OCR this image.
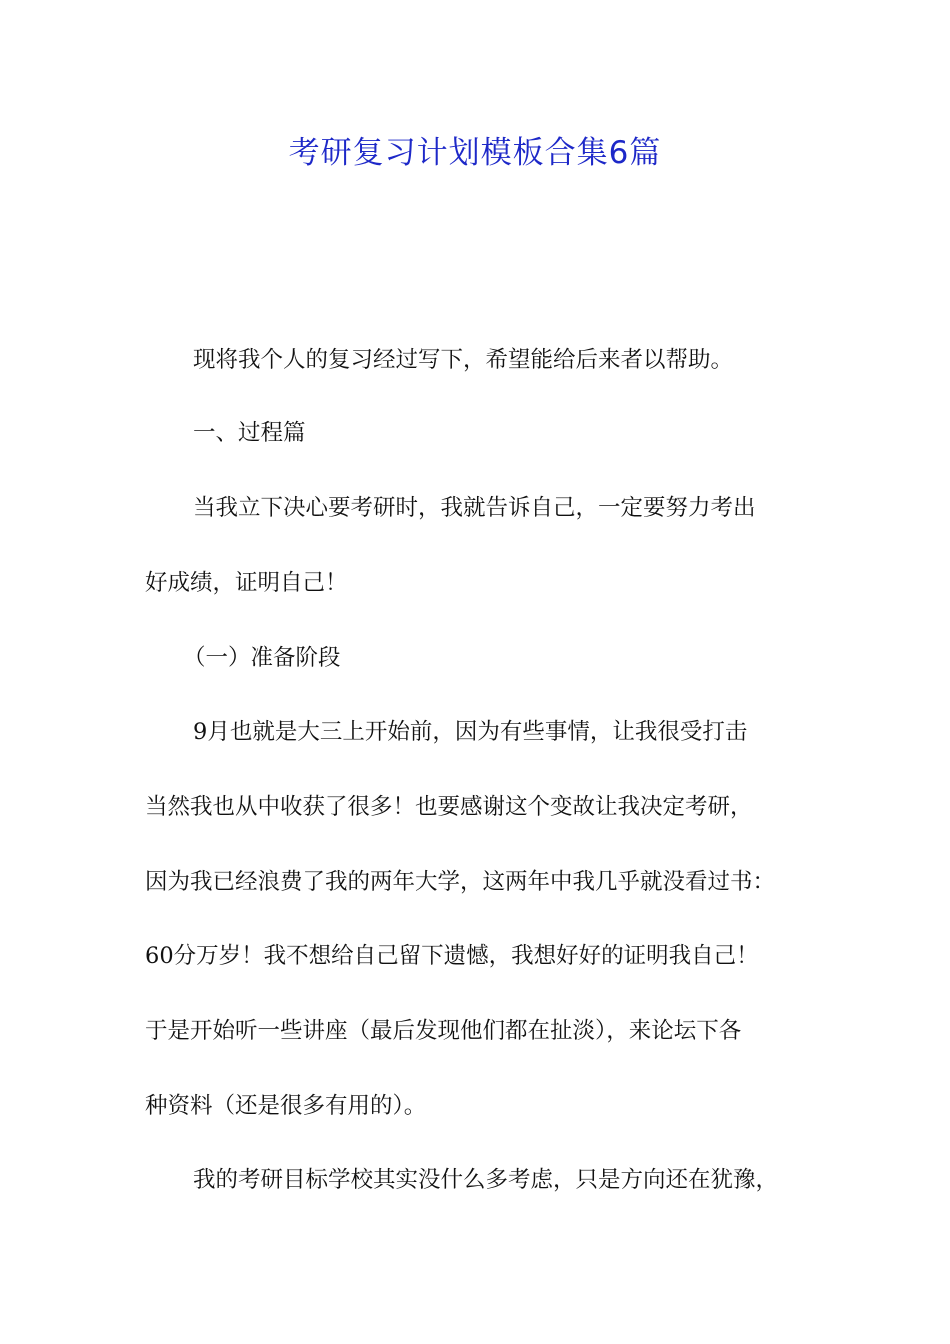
考研复习计划模板合集6篇

现将我个人的复习经过写下，希望能给后来者以帮助。

一、过程篇

当我立下决心要考研时，我就告诉自己，一定要努力考出

好成绩，证明自己！

（一）准备阶段

9月也就是大三上开始前，因为有些事情，让我很受打击

当然我也从中收获了很多！也要感谢这个变故让我决定考研，

因为我已经浪费了我的两年大学，这两年中我几乎就没看过书：

60分万岁！我不想给自己留下遗憾，我想好好的证明我自己！

于是开始听一些讲座（最后发现他们都在扯淡），来论坛下各

种资料（还是很多有用的）。

我的考研目标学校其实没什么多考虑，只是方向还在犹豫，
